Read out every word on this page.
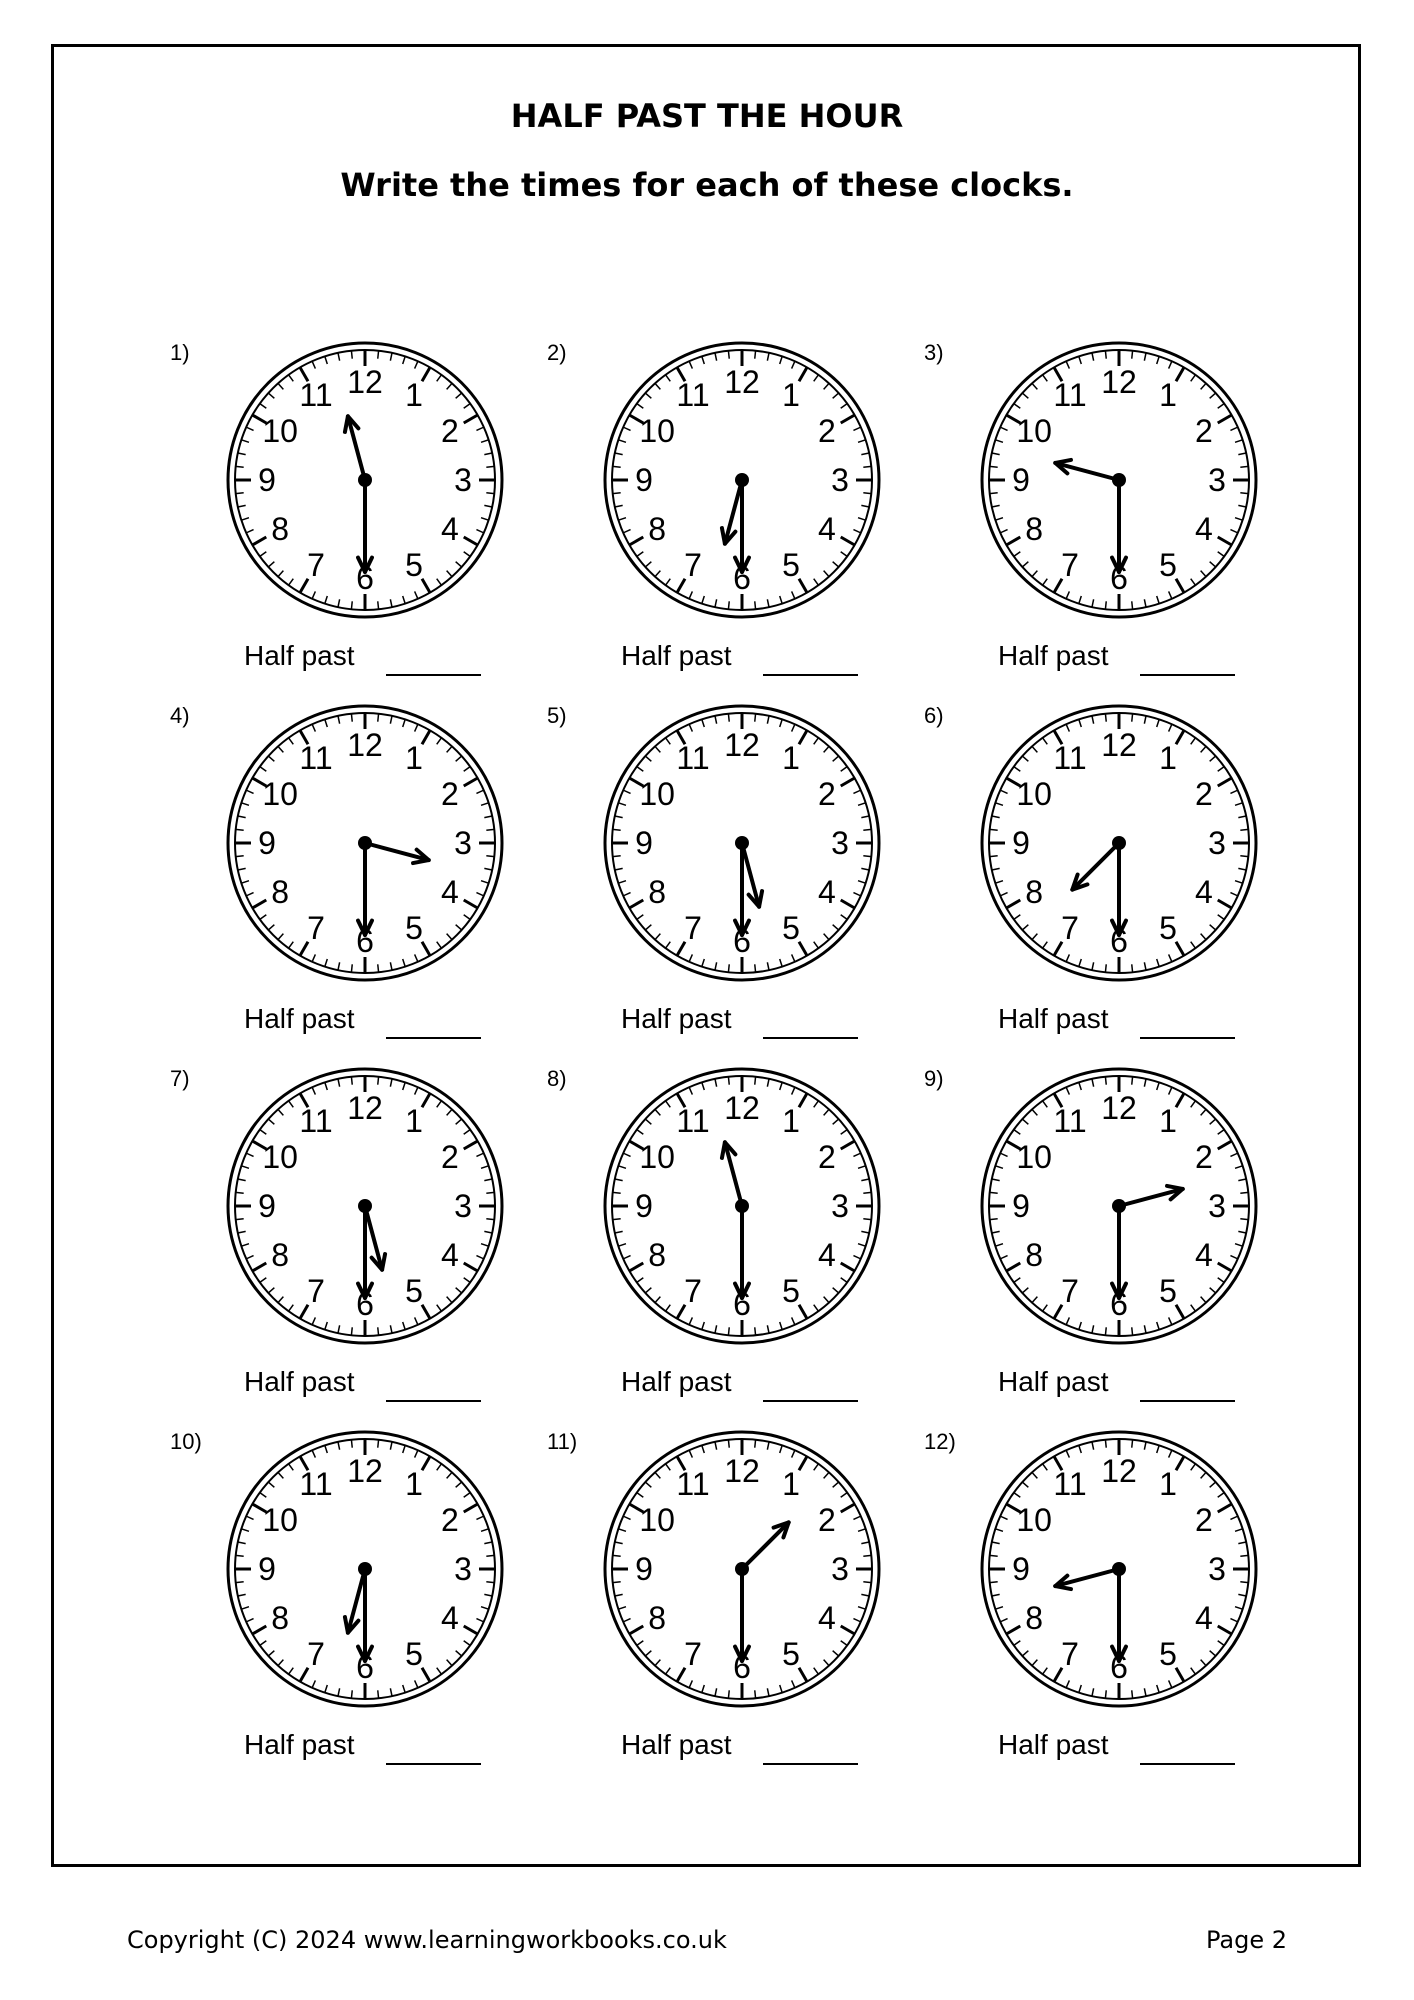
HALF PAST THE HOUR
Write the times for each of these clocks.
1)
1
2
3
4
5
6
7
8
9
10
11 12
Half past
2)
1
2
3
4
5
6
7
8
9
10
11 12
Half past
3)
1
2
3
4
5
6
7
8
9
10
11 12
Half past
4)
1
2
3
4
5
6
7
8
9
10
11 12
Half past
5)
1
2
3
4
5
6
7
8
9
10
11 12
Half past
6)
1
2
3
4
5
6
7
8
9
10
11 12
Half past
7)
1
2
3
4
5
6
7
8
9
10
11 12
Half past
8)
1
2
3
4
5
6
7
8
9
10
11 12
Half past
9)
1
2
3
4
5
6
7
8
9
10
11 12
Half past
10)
1
2
3
4
5
6
7
8
9
10
11 12
Half past
11)
1
2
3
4
5
6
7
8
9
10
11 12
Half past
12)
1
2
3
4
5
6
7
8
9
10
11 12
Half past
Copyright (C) 2024 www.learningworkbooks.co.uk	Page 2
